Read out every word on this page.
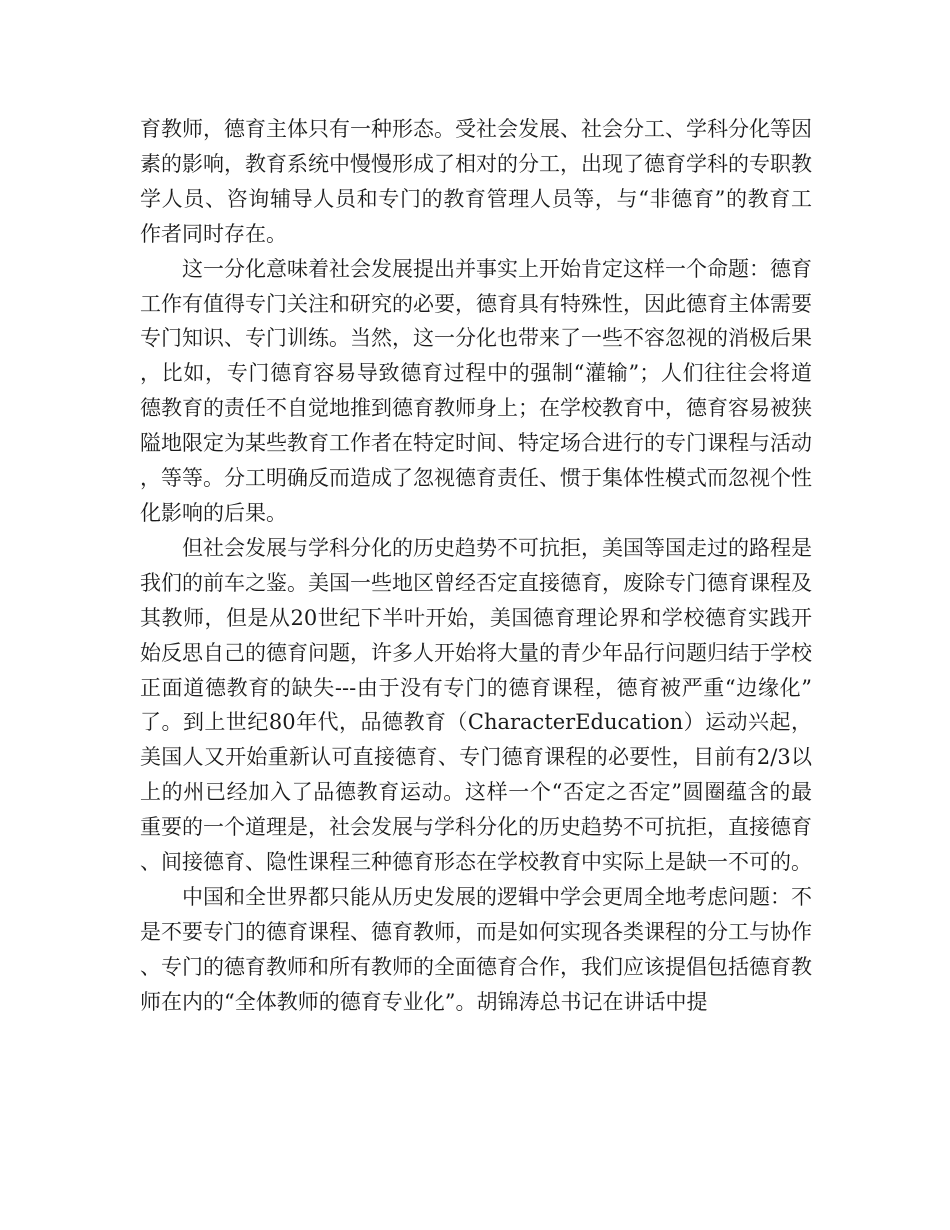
育教师，德育主体只有一种形态。受社会发展、社会分工、学科分化等因素的影响，教育系统中慢慢形成了相对的分工，出现了德育学科的专职教学人员、咨询辅导人员和专门的教育管理人员等，与“非德育”的教育工作者同时存在。

这一分化意味着社会发展提出并事实上开始肯定这样一个命题：德育工作有值得专门关注和研究的必要，德育具有特殊性，因此德育主体需要专门知识、专门训练。当然，这一分化也带来了一些不容忽视的消极后果，比如，专门德育容易导致德育过程中的强制“灌输”；人们往往会将道德教育的责任不自觉地推到德育教师身上；在学校教育中，德育容易被狭隘地限定为某些教育工作者在特定时间、特定场合进行的专门课程与活动，等等。分工明确反而造成了忽视德育责任、惯于集体性模式而忽视个性化影响的后果。

但社会发展与学科分化的历史趋势不可抗拒，美国等国走过的路程是我们的前车之鉴。美国一些地区曾经否定直接德育，废除专门德育课程及其教师，但是从20世纪下半叶开始，美国德育理论界和学校德育实践开始反思自己的德育问题，许多人开始将大量的青少年品行问题归结于学校正面道德教育的缺失---由于没有专门的德育课程，德育被严重“边缘化”了。到上世纪80年代，品德教育（CharacterEducation）运动兴起，美国人又开始重新认可直接德育、专门德育课程的必要性，目前有2/3以上的州已经加入了品德教育运动。这样一个“否定之否定”圆圈蕴含的最重要的一个道理是，社会发展与学科分化的历史趋势不可抗拒，直接德育、间接德育、隐性课程三种德育形态在学校教育中实际上是缺一不可的。

中国和全世界都只能从历史发展的逻辑中学会更周全地考虑问题：不是不要专门的德育课程、德育教师，而是如何实现各类课程的分工与协作、专门的德育教师和所有教师的全面德育合作，我们应该提倡包括德育教师在内的“全体教师的德育专业化”。胡锦涛总书记在讲话中提
